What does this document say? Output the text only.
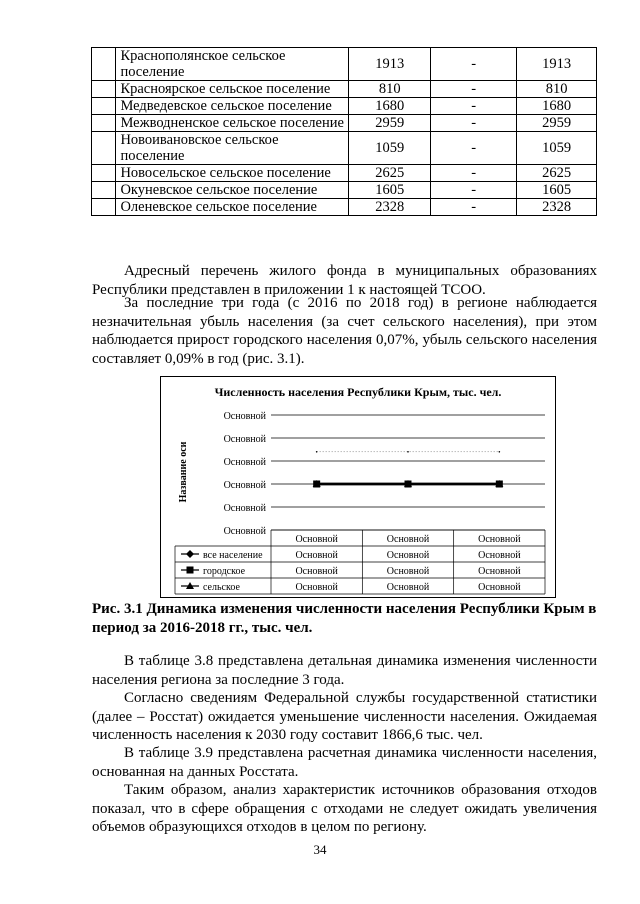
	Краснополянское сельское поселение	1913	-	1913
	Красноярское сельское поселение	810	-	810
	Медведевское сельское поселение	1680	-	1680
	Межводненское сельское поселение	2959	-	2959
	Новоивановское сельское поселение	1059	-	1059
	Новосельское сельское поселение	2625	-	2625
	Окуневское сельское поселение	1605	-	1605
	Оленевское сельское поселение	2328	-	2328

Адресный перечень жилого фонда в муниципальных образованиях Республики представлен в приложении 1 к настоящей ТСОО.

За последние три года (с 2016 по 2018 год) в регионе наблюдается незначительная убыль населения (за счет сельского населения), при этом наблюдается прирост городского населения 0,07%, убыль сельского населения составляет 0,09% в год (рис. 3.1).

Численность населения Республики Крым, тыс. чел.
Основной
Основной
Основной
Основной
Основной
Основной
Название оси
Основной	Основной	Основной
все население	Основной	Основной	Основной
городское	Основной	Основной	Основной
сельское	Основной	Основной	Основной

Рис. 3.1 Динамика изменения численности населения Республики Крым в период за 2016-2018 гг., тыс. чел.

В таблице 3.8 представлена детальная динамика изменения численности населения региона за последние 3 года.

Согласно сведениям Федеральной службы государственной статистики (далее – Росстат) ожидается уменьшение численности населения. Ожидаемая численность населения к 2030 году составит 1866,6 тыс. чел.

В таблице 3.9 представлена расчетная динамика численности населения, основанная на данных Росстата.

Таким образом, анализ характеристик источников образования отходов показал, что в сфере обращения с отходами не следует ожидать увеличения объемов образующихся отходов в целом по региону.

34
